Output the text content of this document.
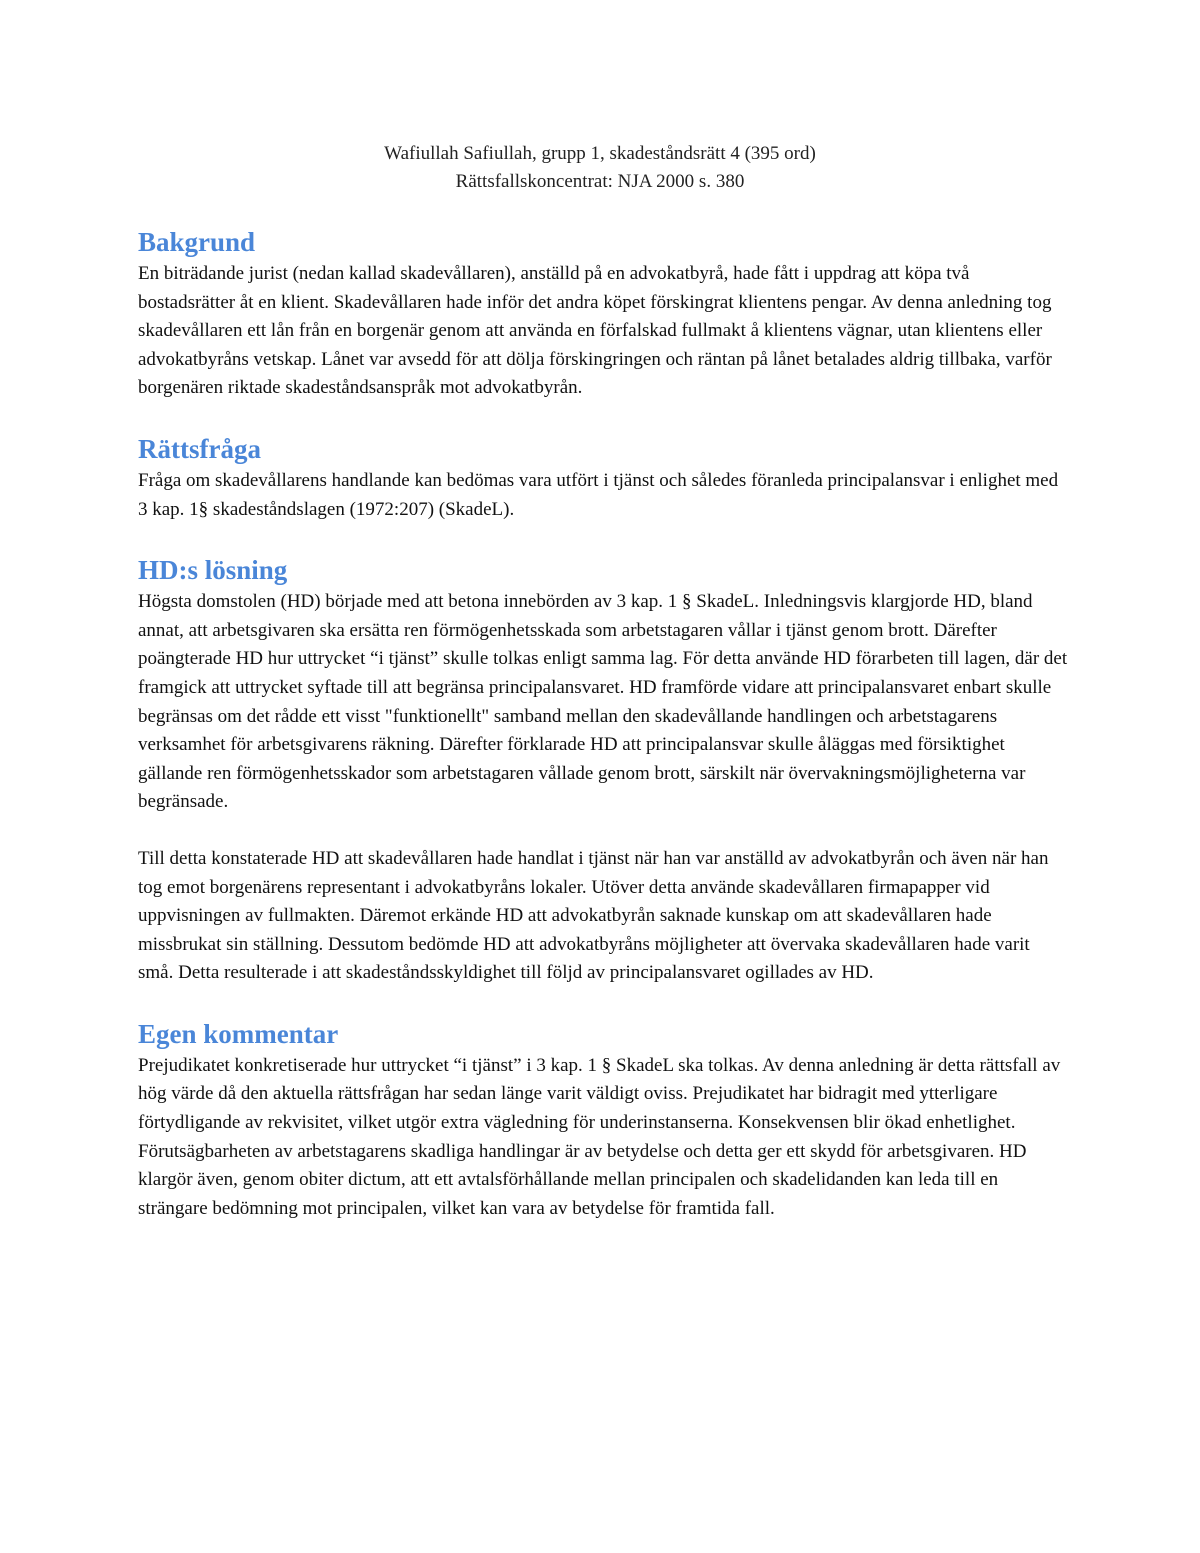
Wafiullah Safiullah, grupp 1, skadeståndsrätt 4 (395 ord)
Rättsfallskoncentrat: NJA 2000 s. 380
Bakgrund

En biträdande jurist (nedan kallad skadevållaren), anställd på en advokatbyrå, hade fått i uppdrag att köpa två bostadsrätter åt en klient. Skadevållaren hade inför det andra köpet förskingrat klientens pengar. Av denna anledning tog skadevållaren ett lån från en borgenär genom att använda en förfalskad fullmakt å klientens vägnar, utan klientens eller advokatbyråns vetskap. Lånet var avsedd för att dölja förskingringen och räntan på lånet betalades aldrig tillbaka, varför borgenären riktade skadeståndsanspråk mot advokatbyrån.

Rättsfråga

Fråga om skadevållarens handlande kan bedömas vara utfört i tjänst och således föranleda principalansvar i enlighet med 3 kap. 1§ skadeståndslagen (1972:207) (SkadeL).

HD:s lösning

Högsta domstolen (HD) började med att betona innebörden av 3 kap. 1 § SkadeL. Inledningsvis klargjorde HD, bland annat, att arbetsgivaren ska ersätta ren förmögenhetsskada som arbetstagaren vållar i tjänst genom brott. Därefter poängterade HD hur uttrycket “i tjänst” skulle tolkas enligt samma lag. För detta använde HD förarbeten till lagen, där det framgick att uttrycket syftade till att begränsa principalansvaret. HD framförde vidare att principalansvaret enbart skulle begränsas om det rådde ett visst "funktionellt" samband mellan den skadevållande handlingen och arbetstagarens verksamhet för arbetsgivarens räkning. Därefter förklarade HD att principalansvar skulle åläggas med försiktighet gällande ren förmögenhetsskador som arbetstagaren vållade genom brott, särskilt när övervakningsmöjligheterna var begränsade.

Till detta konstaterade HD att skadevållaren hade handlat i tjänst när han var anställd av advokatbyrån och även när han tog emot borgenärens representant i advokatbyråns lokaler. Utöver detta använde skadevållaren firmapapper vid uppvisningen av fullmakten. Däremot erkände HD att advokatbyrån saknade kunskap om att skadevållaren hade missbrukat sin ställning. Dessutom bedömde HD att advokatbyråns möjligheter att övervaka skadevållaren hade varit små. Detta resulterade i att skadeståndsskyldighet till följd av principalansvaret ogillades av HD.

Egen kommentar

Prejudikatet konkretiserade hur uttrycket “i tjänst” i 3 kap. 1 § SkadeL ska tolkas. Av denna anledning är detta rättsfall av hög värde då den aktuella rättsfrågan har sedan länge varit väldigt oviss. Prejudikatet har bidragit med ytterligare förtydligande av rekvisitet, vilket utgör extra vägledning för underinstanserna. Konsekvensen blir ökad enhetlighet. Förutsägbarheten av arbetstagarens skadliga handlingar är av betydelse och detta ger ett skydd för arbetsgivaren. HD klargör även, genom obiter dictum, att ett avtalsförhållande mellan principalen och skadelidanden kan leda till en strängare bedömning mot principalen, vilket kan vara av betydelse för framtida fall.
